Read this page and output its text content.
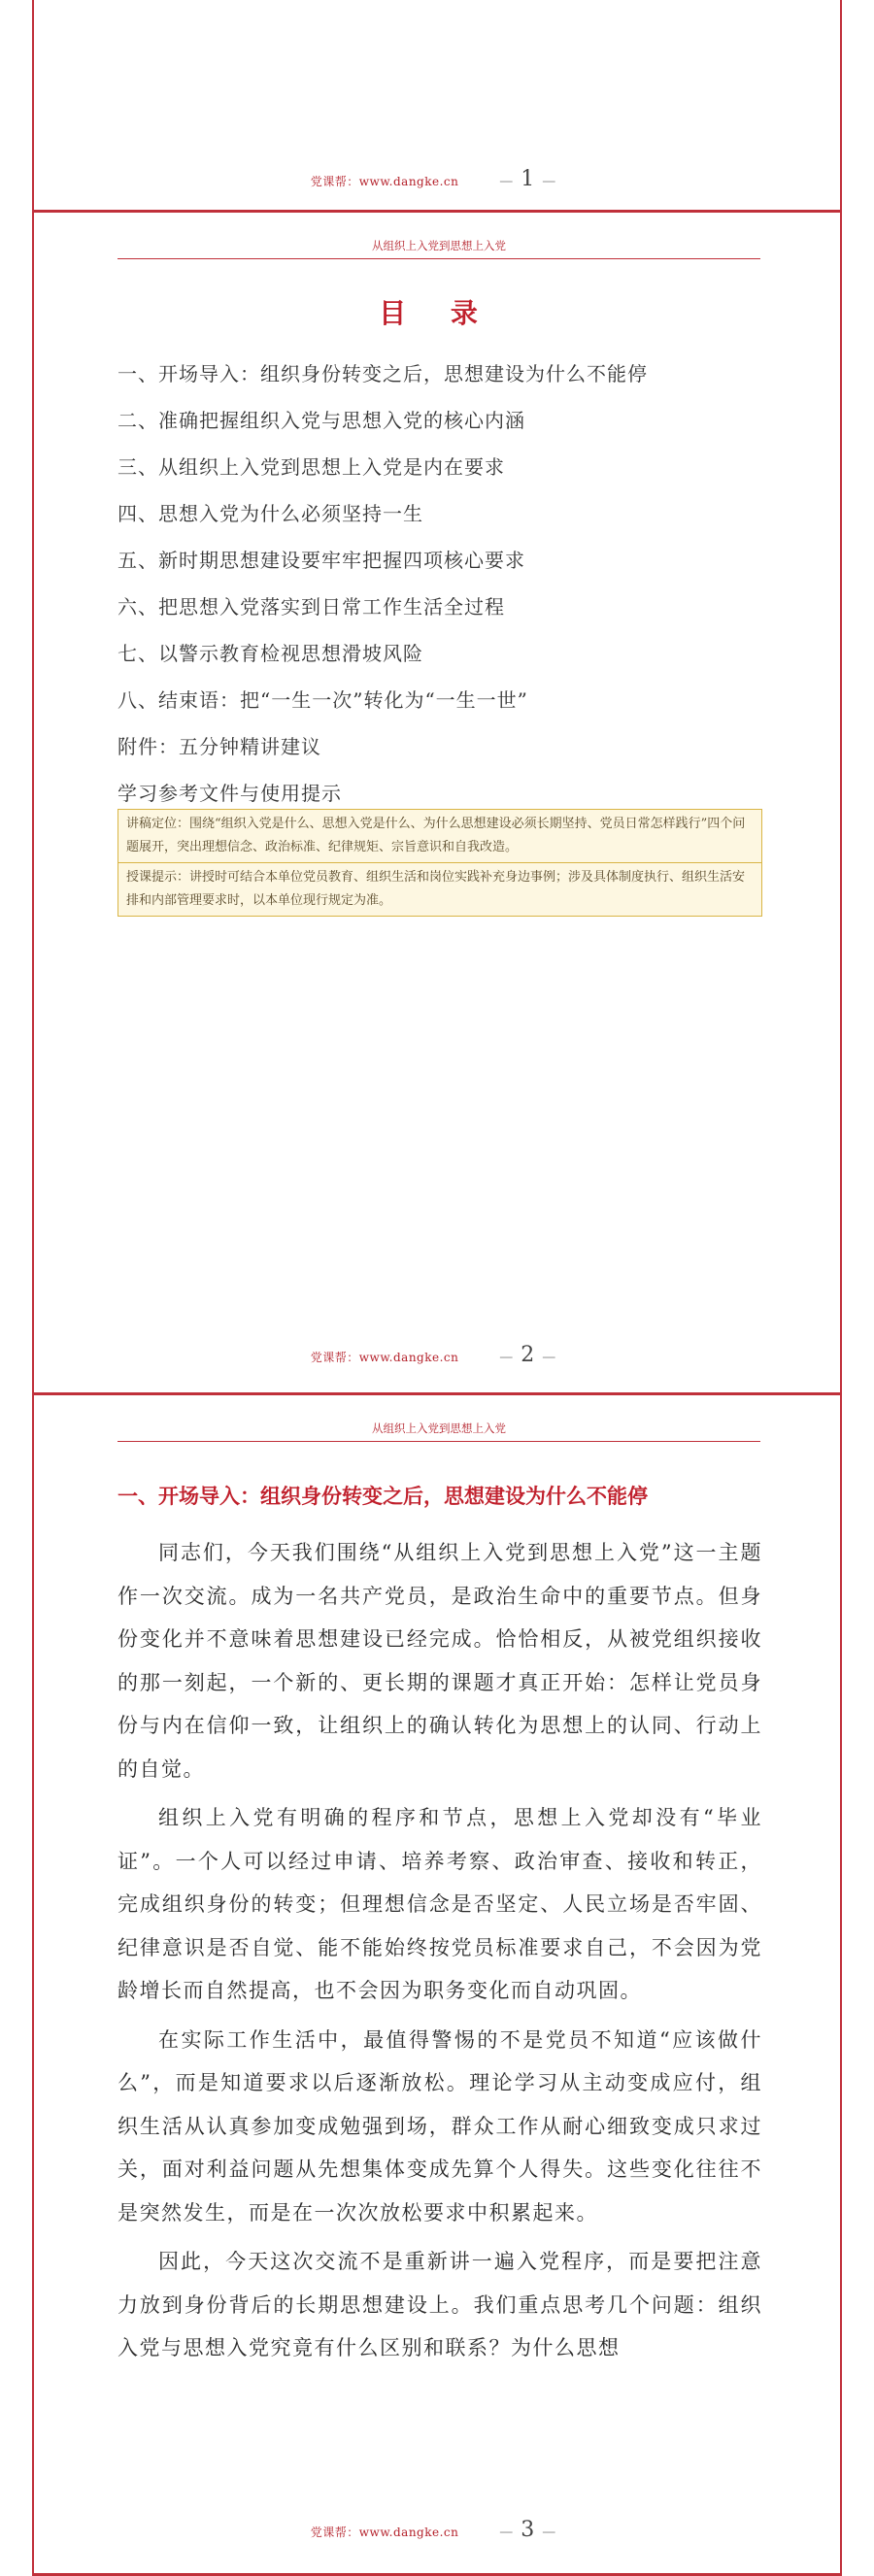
党课帮：www.dangke.cn	— 1 —
从组织上入党到思想上入党
目 录
一、开场导入：组织身份转变之后，思想建设为什么不能停
二、准确把握组织入党与思想入党的核心内涵
三、从组织上入党到思想上入党是内在要求
四、思想入党为什么必须坚持一生
五、新时期思想建设要牢牢把握四项核心要求
六、把思想入党落实到日常工作生活全过程
七、以警示教育检视思想滑坡风险
八、结束语：把“一生一次”转化为“一生一世”
附件：五分钟精讲建议
学习参考文件与使用提示
讲稿定位：围绕“组织入党是什么、思想入党是什么、为什么思想建设必须长期坚持、党员日常怎样践行”四个问题展开，突出理想信念、政治标准、纪律规矩、宗旨意识和自我改造。
授课提示：讲授时可结合本单位党员教育、组织生活和岗位实践补充身边事例；涉及具体制度执行、组织生活安排和内部管理要求时，以本单位现行规定为准。
党课帮：www.dangke.cn	— 2 —
从组织上入党到思想上入党
一、开场导入：组织身份转变之后，思想建设为什么不能停

同志们，今天我们围绕“从组织上入党到思想上入党”这一主题作一次交流。成为一名共产党员，是政治生命中的重要节点。但身份变化并不意味着思想建设已经完成。恰恰相反，从被党组织接收的那一刻起，一个新的、更长期的课题才真正开始：怎样让党员身份与内在信仰一致，让组织上的确认转化为思想上的认同、行动上的自觉。

组织上入党有明确的程序和节点，思想上入党却没有“毕业证”。一个人可以经过申请、培养考察、政治审查、接收和转正，完成组织身份的转变；但理想信念是否坚定、人民立场是否牢固、纪律意识是否自觉、能不能始终按党员标准要求自己，不会因为党龄增长而自然提高，也不会因为职务变化而自动巩固。

在实际工作生活中，最值得警惕的不是党员不知道“应该做什么”，而是知道要求以后逐渐放松。理论学习从主动变成应付，组织生活从认真参加变成勉强到场，群众工作从耐心细致变成只求过关，面对利益问题从先想集体变成先算个人得失。这些变化往往不是突然发生，而是在一次次放松要求中积累起来。

因此，今天这次交流不是重新讲一遍入党程序，而是要把注意力放到身份背后的长期思想建设上。我们重点思考几个问题：组织入党与思想入党究竟有什么区别和联系？为什么思想

党课帮：www.dangke.cn	— 3 —
